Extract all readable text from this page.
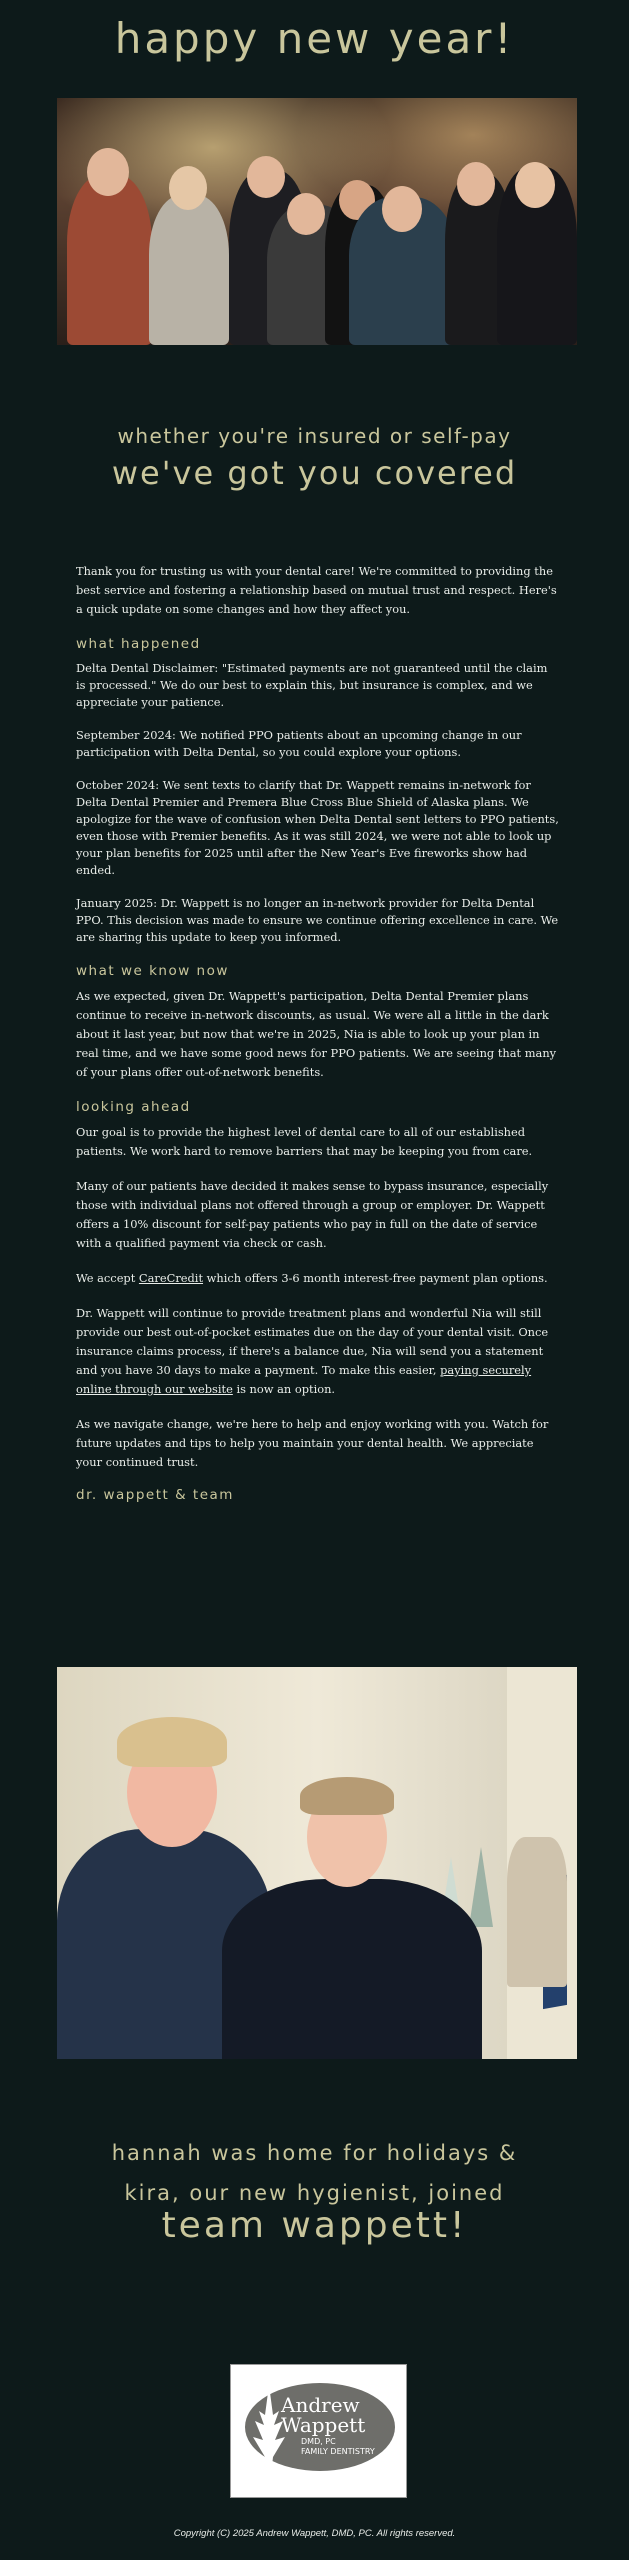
happy new year!
whether you're insured or self-pay
we've got you covered

Thank you for trusting us with your dental care! We're committed to providing the best service and fostering a relationship based on mutual trust and respect. Here's a quick update on some changes and how they affect you.

what happened

Delta Dental Disclaimer: "Estimated payments are not guaranteed until the claim is processed." We do our best to explain this, but insurance is complex, and we appreciate your patience.

September 2024: We notified PPO patients about an upcoming change in our participation with Delta Dental, so you could explore your options.

October 2024: We sent texts to clarify that Dr. Wappett remains in-network for Delta Dental Premier and Premera Blue Cross Blue Shield of Alaska plans. We apologize for the wave of confusion when Delta Dental sent letters to PPO patients, even those with Premier benefits. As it was still 2024, we were not able to look up your plan benefits for 2025 until after the New Year's Eve fireworks show had ended.

January 2025: Dr. Wappett is no longer an in-network provider for Delta Dental PPO. This decision was made to ensure we continue offering excellence in care. We are sharing this update to keep you informed.

what we know now

As we expected, given Dr. Wappett's participation, Delta Dental Premier plans continue to receive in-network discounts, as usual. We were all a little in the dark about it last year, but now that we're in 2025, Nia is able to look up your plan in real time, and we have some good news for PPO patients. We are seeing that many of your plans offer out-of-network benefits.

looking ahead

Our goal is to provide the highest level of dental care to all of our established patients. We work hard to remove barriers that may be keeping you from care.

Many of our patients have decided it makes sense to bypass insurance, especially those with individual plans not offered through a group or employer. Dr. Wappett offers a 10% discount for self-pay patients who pay in full on the date of service with a qualified payment via check or cash.

We accept CareCredit which offers 3-6 month interest-free payment plan options.

Dr. Wappett will continue to provide treatment plans and wonderful Nia will still provide our best out-of-pocket estimates due on the day of your dental visit. Once insurance claims process, if there's a balance due, Nia will send you a statement and you have 30 days to make a payment. To make this easier, paying securely online through our website is now an option.

As we navigate change, we're here to help and enjoy working with you. Watch for future updates and tips to help you maintain your dental health. We appreciate your continued trust.

dr. wappett & team
hannah was home for holidays &
kira, our new hygienist, joined
team wappett!
Andrew
Wappett
DMD, PC
FAMILY DENTISTRY
Copyright (C) 2025 Andrew Wappett, DMD, PC. All rights reserved.
